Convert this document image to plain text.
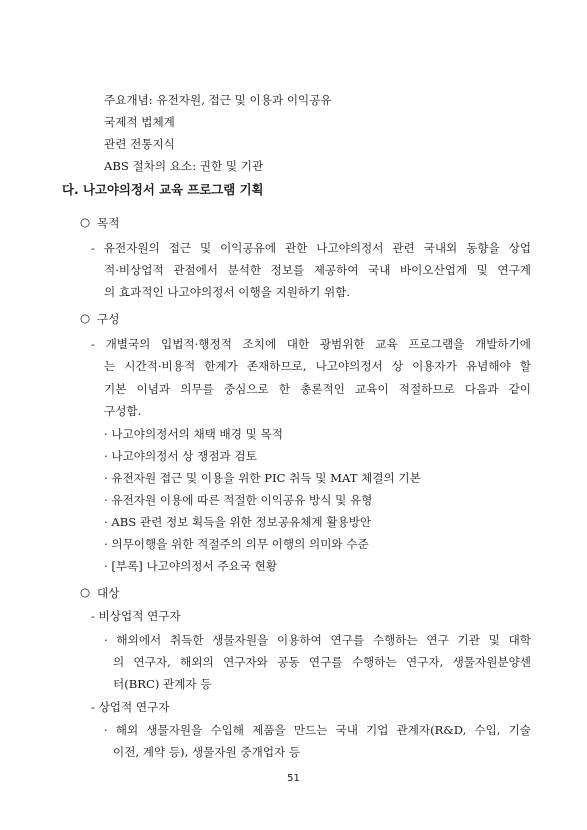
주요개념: 유전자원, 접근 및 이용과 이익공유
국제적 법체계
관련 전통지식
ABS 절차의 요소: 권한 및 기관
다. 나고야의정서 교육 프로그램 기획
○ 목적
- 유전자원의 접근 및 이익공유에 관한 나고야의정서 관련 국내외 동향을 상업
적·비상업적 관점에서 분석한 정보를 제공하여 국내 바이오산업계 및 연구계
의 효과적인 나고야의정서 이행을 지원하기 위함.
○ 구성
- 개별국의 입법적·행정적 조치에 대한 광범위한 교육 프로그램을 개발하기에
는 시간적·비용적 한계가 존재하므로, 나고야의정서 상 이용자가 유념해야 할
기본 이념과 의무를 중심으로 한 총론적인 교육이 적절하므로 다음과 같이
구성함.
· 나고야의정서의 채택 배경 및 목적
· 나고야의정서 상 쟁점과 검토
· 유전자원 접근 및 이용을 위한 PIC 취득 및 MAT 체결의 기본
· 유전자원 이용에 따른 적절한 이익공유 방식 및 유형
· ABS 관련 정보 획득을 위한 정보공유체계 활용방안
· 의무이행을 위한 적절주의 의무 이행의 의미와 수준
· [부록] 나고야의정서 주요국 현황
○ 대상
- 비상업적 연구자
· 해외에서 취득한 생물자원을 이용하여 연구를 수행하는 연구 기관 및 대학
의 연구자, 해외의 연구자와 공동 연구를 수행하는 연구자, 생물자원분양센
터(BRC) 관계자 등
- 상업적 연구자
· 해외 생물자원을 수입해 제품을 만드는 국내 기업 관계자(R&D, 수입, 기술
이전, 계약 등), 생물자원 중개업자 등
51
